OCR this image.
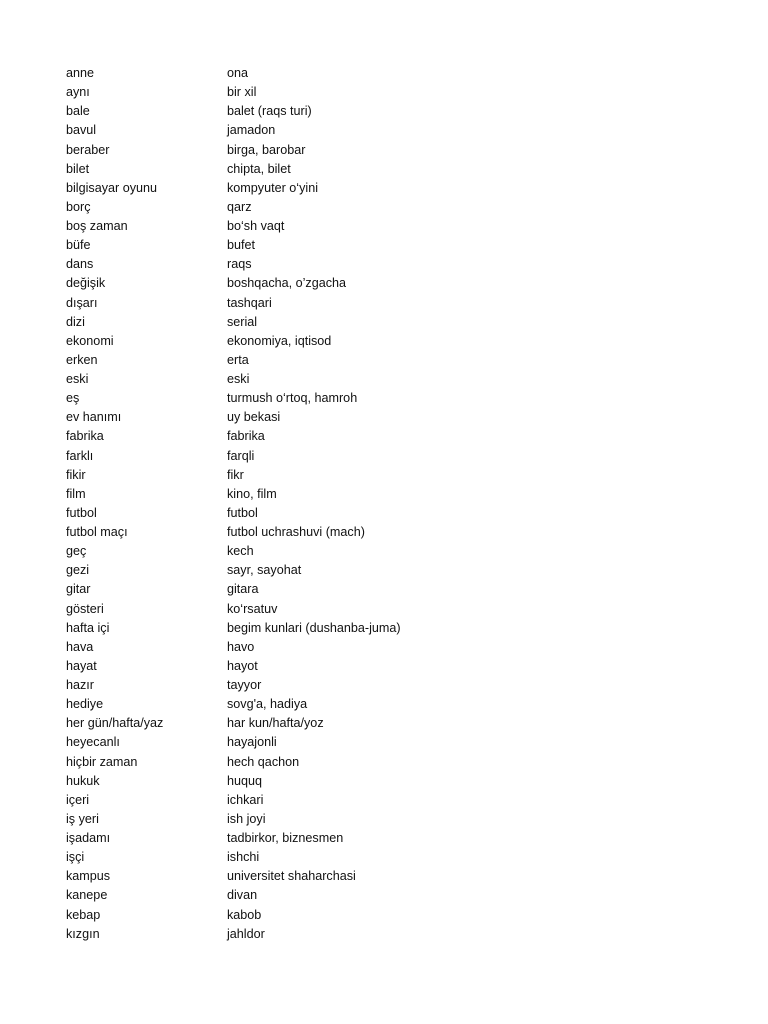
anne	ona
aynı	bir xil
bale	balet (raqs turi)
bavul	jamadon
beraber	birga, barobar
bilet	chipta, bilet
bilgisayar oyunu	kompyuter o‘yini
borç	qarz
boş zaman	bo‘sh vaqt
büfe	bufet
dans	raqs
değişik	boshqacha, o’zgacha
dışarı	tashqari
dizi	serial
ekonomi	ekonomiya, iqtisod
erken	erta
eski	eski
eş	turmush o‘rtoq, hamroh
ev hanımı	uy bekasi
fabrika	fabrika
farklı	farqli
fikir	fikr
film	kino, film
futbol	futbol
futbol maçı	futbol uchrashuvi (mach)
geç	kech
gezi	sayr, sayohat
gitar	gitara
gösteri	ko‘rsatuv
hafta içi	begim kunlari (dushanba-juma)
hava	havo
hayat	hayot
hazır	tayyor
hediye	sovg'a, hadiya
her gün/hafta/yaz	har kun/hafta/yoz
heyecanlı	hayajonli
hiçbir zaman	hech qachon
hukuk	huquq
içeri	ichkari
iş yeri	ish joyi
işadamı	tadbirkor, biznesmen
işçi	ishchi
kampus	universitet shaharchasi
kanepe	divan
kebap	kabob
kızgın	jahldor
